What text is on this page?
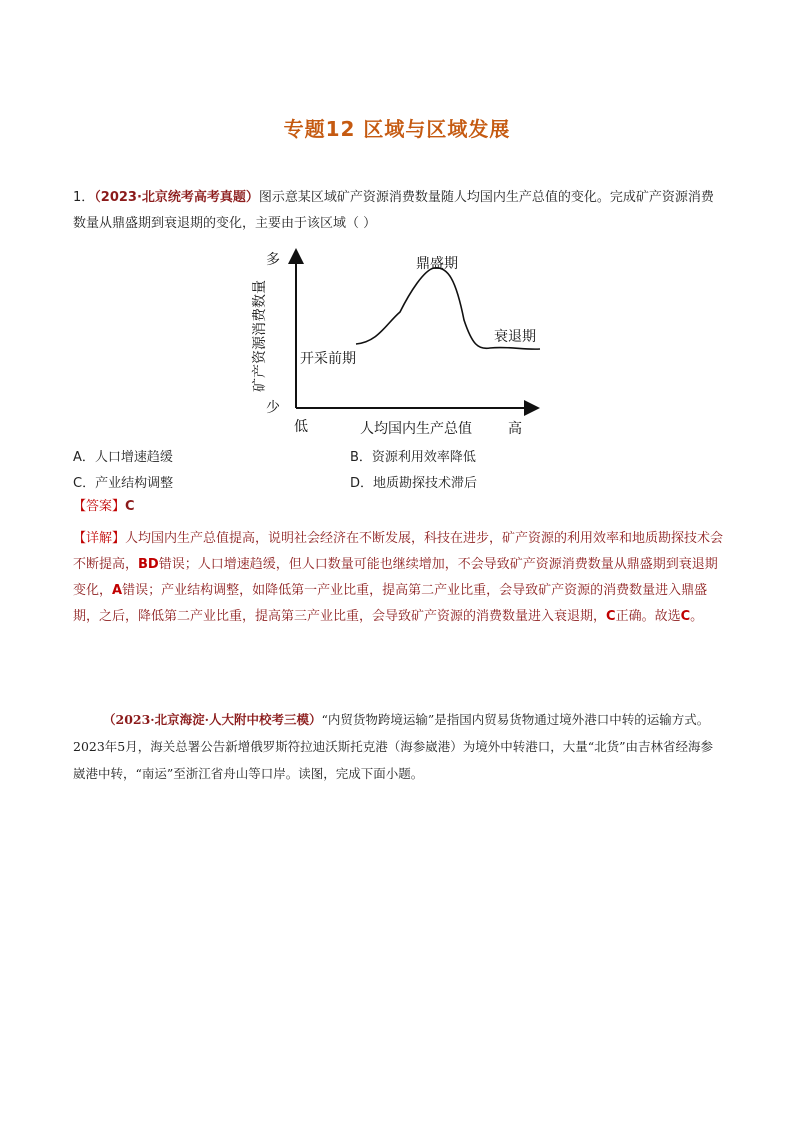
专题12 区域与区域发展
1．（2023·北京统考高考真题）图示意某区域矿产资源消费数量随人均国内生产总值的变化。完成矿产资源消费数量从鼎盛期到衰退期的变化，主要由于该区域（ ）
多
少
矿产资源消费数量
低	人均国内生产总值	高
开采前期
鼎盛期
衰退期
A．人口增速趋缓	B．资源利用效率降低
C．产业结构调整	D．地质勘探技术滞后
【答案】C
【详解】人均国内生产总值提高，说明社会经济在不断发展，科技在进步，矿产资源的利用效率和地质勘探技术会不断提高，BD错误；人口增速趋缓，但人口数量可能也继续增加，不会导致矿产资源消费数量从鼎盛期到衰退期变化，A错误；产业结构调整，如降低第一产业比重，提高第二产业比重，会导致矿产资源的消费数量进入鼎盛期，之后，降低第二产业比重，提高第三产业比重，会导致矿产资源的消费数量进入衰退期，C正确。故选C。
（2023·北京海淀·人大附中校考三模）“内贸货物跨境运输”是指国内贸易货物通过境外港口中转的运输方式。2023年5月，海关总署公告新增俄罗斯符拉迪沃斯托克港（海参崴港）为境外中转港口，大量“北货”由吉林省经海参崴港中转，“南运”至浙江省舟山等口岸。读图，完成下面小题。
